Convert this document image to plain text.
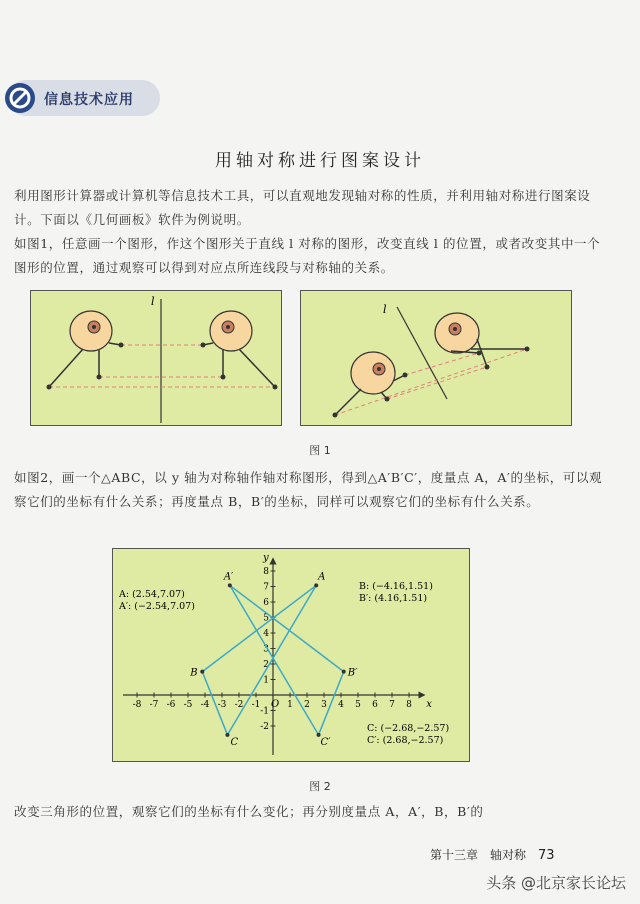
信息技术应用
用轴对称进行图案设计
利用图形计算器或计算机等信息技术工具，可以直观地发现轴对称的性质，并利用轴对称进行图案设计。下面以《几何画板》软件为例说明。
如图1，任意画一个图形，作这个图形关于直线 l 对称的图形，改变直线 l 的位置，或者改变其中一个图形的位置，通过观察可以得到对应点所连线段与对称轴的关系。
l
l
图 1
如图2，画一个△ABC，以 y 轴为对称轴作轴对称图形，得到△A′B′C′，度量点 A，A′的坐标，可以观察它们的坐标有什么关系；再度量点 B，B′的坐标，同样可以观察它们的坐标有什么关系。
-8 -7 -6 -5 -4 -3 -2 -1	1 2 3 4 5 6 7 8
8
7
6
5
4
3
2
1
-1
-2
A
B
C
A′
B′
C′
x
y
O
A: (2.54,7.07)
A′: (−2.54,7.07)
B: (−4.16,1.51)
B′: (4.16,1.51)
C: (−2.68,−2.57)
C′: (2.68,−2.57)
图 2
改变三角形的位置，观察它们的坐标有什么变化；再分别度量点 A，A′，B，B′的
第十三章　轴对称 73
头条 @北京家长论坛
